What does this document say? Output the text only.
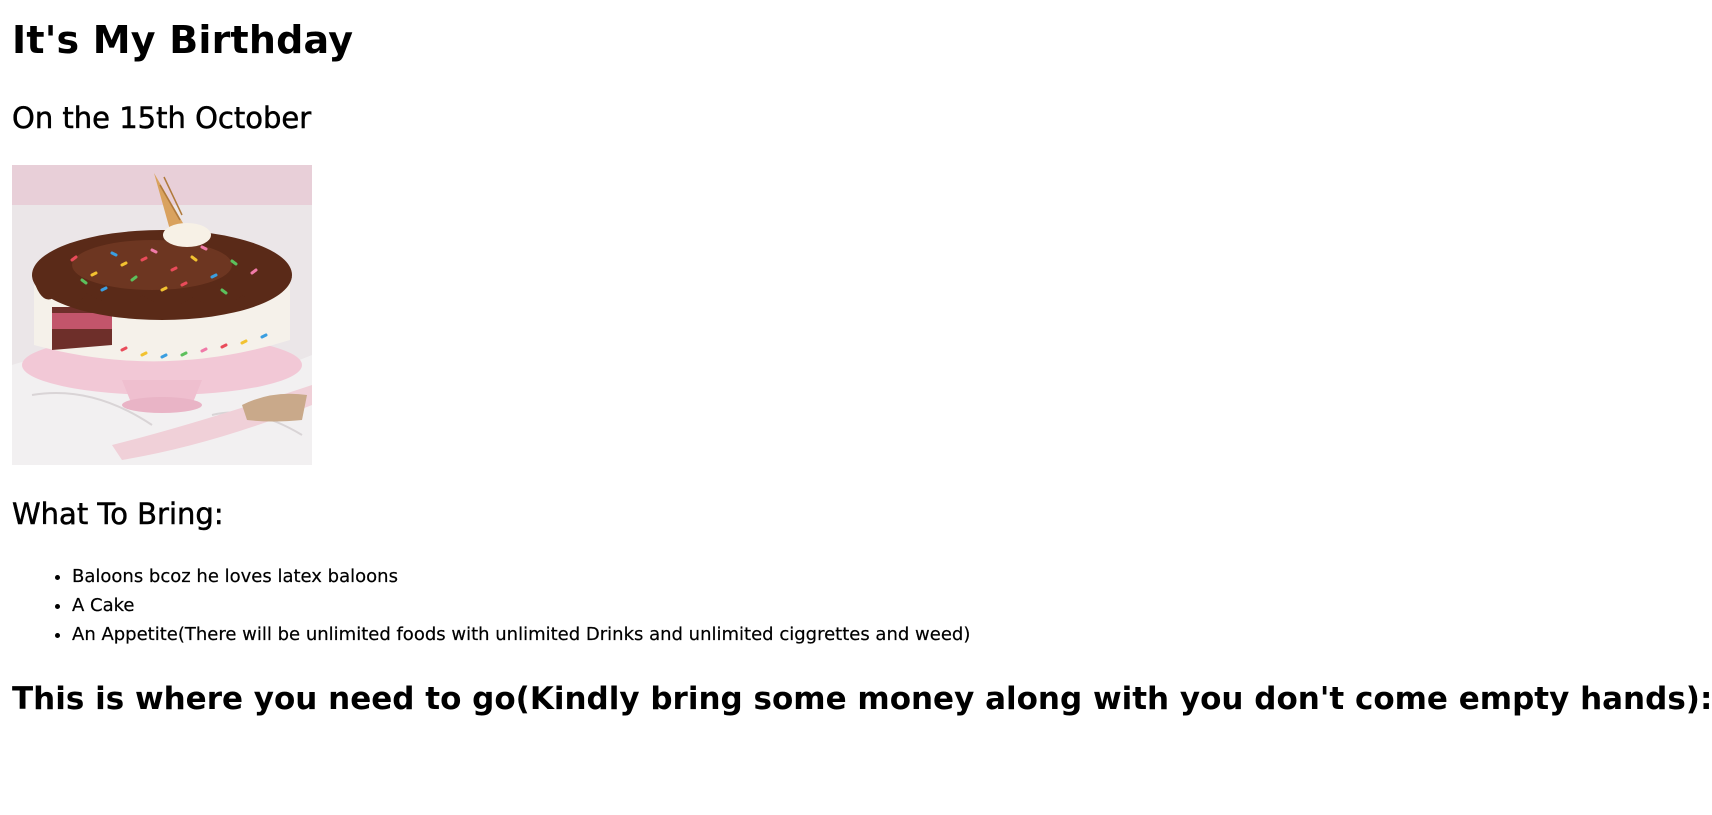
It's My Birthday
On the 15th October
What To Bring:
• Baloons bcoz he loves latex baloons
• A Cake
• An Appetite(There will be unlimited foods with unlimited Drinks and unlimited ciggrettes and weed)
This is where you need to go(Kindly bring some money along with you don't come empty hands):
